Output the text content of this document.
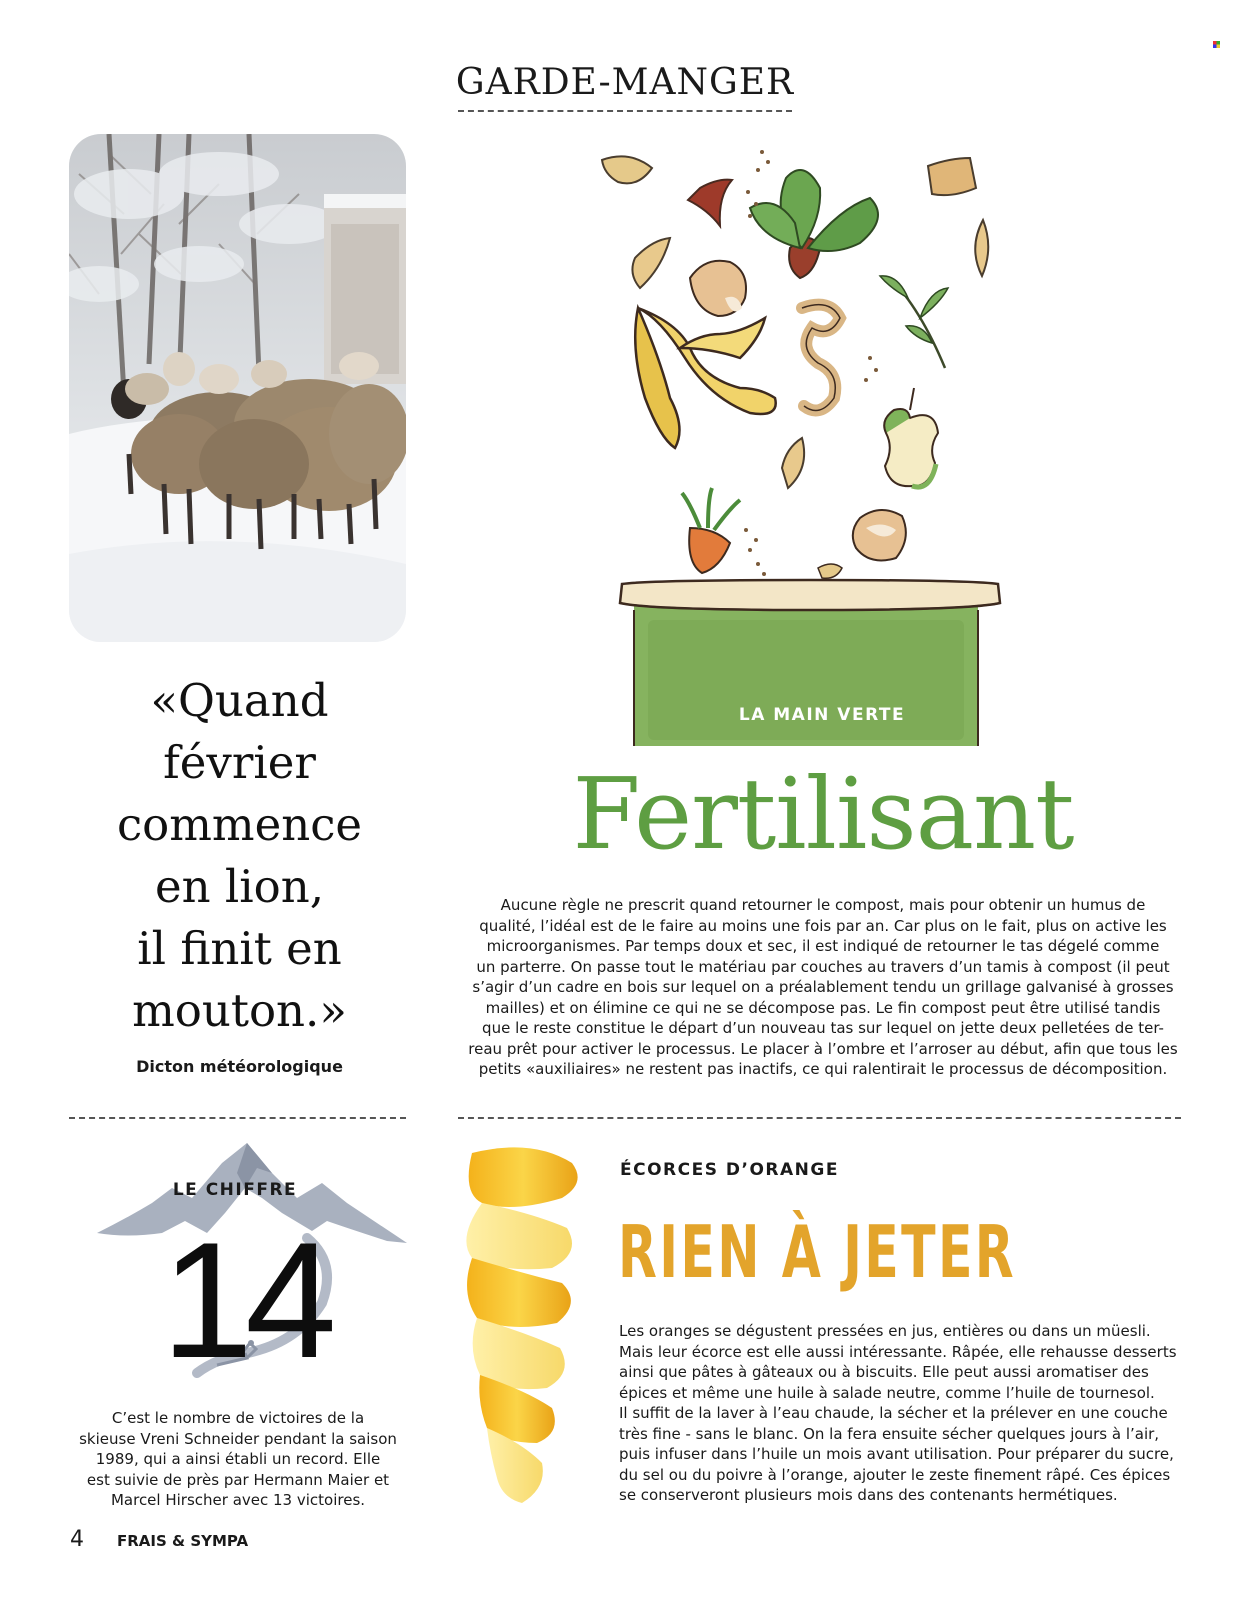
GARDE-MANGER
«Quand
février
commence
en lion,
il finit en
mouton.»
Dicton météorologique
LA MAIN VERTE
Fertilisant
Aucune règle ne prescrit quand retourner le compost, mais pour obtenir un humus de
qualité, l’idéal est de le faire au moins une fois par an. Car plus on le fait, plus on active les
microorganismes. Par temps doux et sec, il est indiqué de retourner le tas dégelé comme
un parterre. On passe tout le matériau par couches au travers d’un tamis à compost (il peut
s’agir d’un cadre en bois sur lequel on a préalablement tendu un grillage galvanisé à grosses
mailles) et on élimine ce qui ne se décompose pas. Le fin compost peut être utilisé tandis
que le reste constitue le départ d’un nouveau tas sur lequel on jette deux pelletées de ter-
reau prêt pour activer le processus. Le placer à l’ombre et l’arroser au début, afin que tous les
petits «auxiliaires» ne restent pas inactifs, ce qui ralentirait le processus de décomposition.
LE CHIFFRE
14
C’est le nombre de victoires de la
skieuse Vreni Schneider pendant la saison
1989, qui a ainsi établi un record. Elle
est suivie de près par Hermann Maier et
Marcel Hirscher avec 13 victoires.
ÉCORCES D’ORANGE
RIEN À JETER
Les oranges se dégustent pressées en jus, entières ou dans un müesli.
Mais leur écorce est elle aussi intéressante. Râpée, elle rehausse desserts
ainsi que pâtes à gâteaux ou à biscuits. Elle peut aussi aromatiser des
épices et même une huile à salade neutre, comme l’huile de tournesol.
Il suffit de la laver à l’eau chaude, la sécher et la prélever en une couche
très fine - sans le blanc. On la fera ensuite sécher quelques jours à l’air,
puis infuser dans l’huile un mois avant utilisation. Pour préparer du sucre,
du sel ou du poivre à l’orange, ajouter le zeste finement râpé. Ces épices
se conserveront plusieurs mois dans des contenants hermétiques.
4 FRAIS & SYMPA
